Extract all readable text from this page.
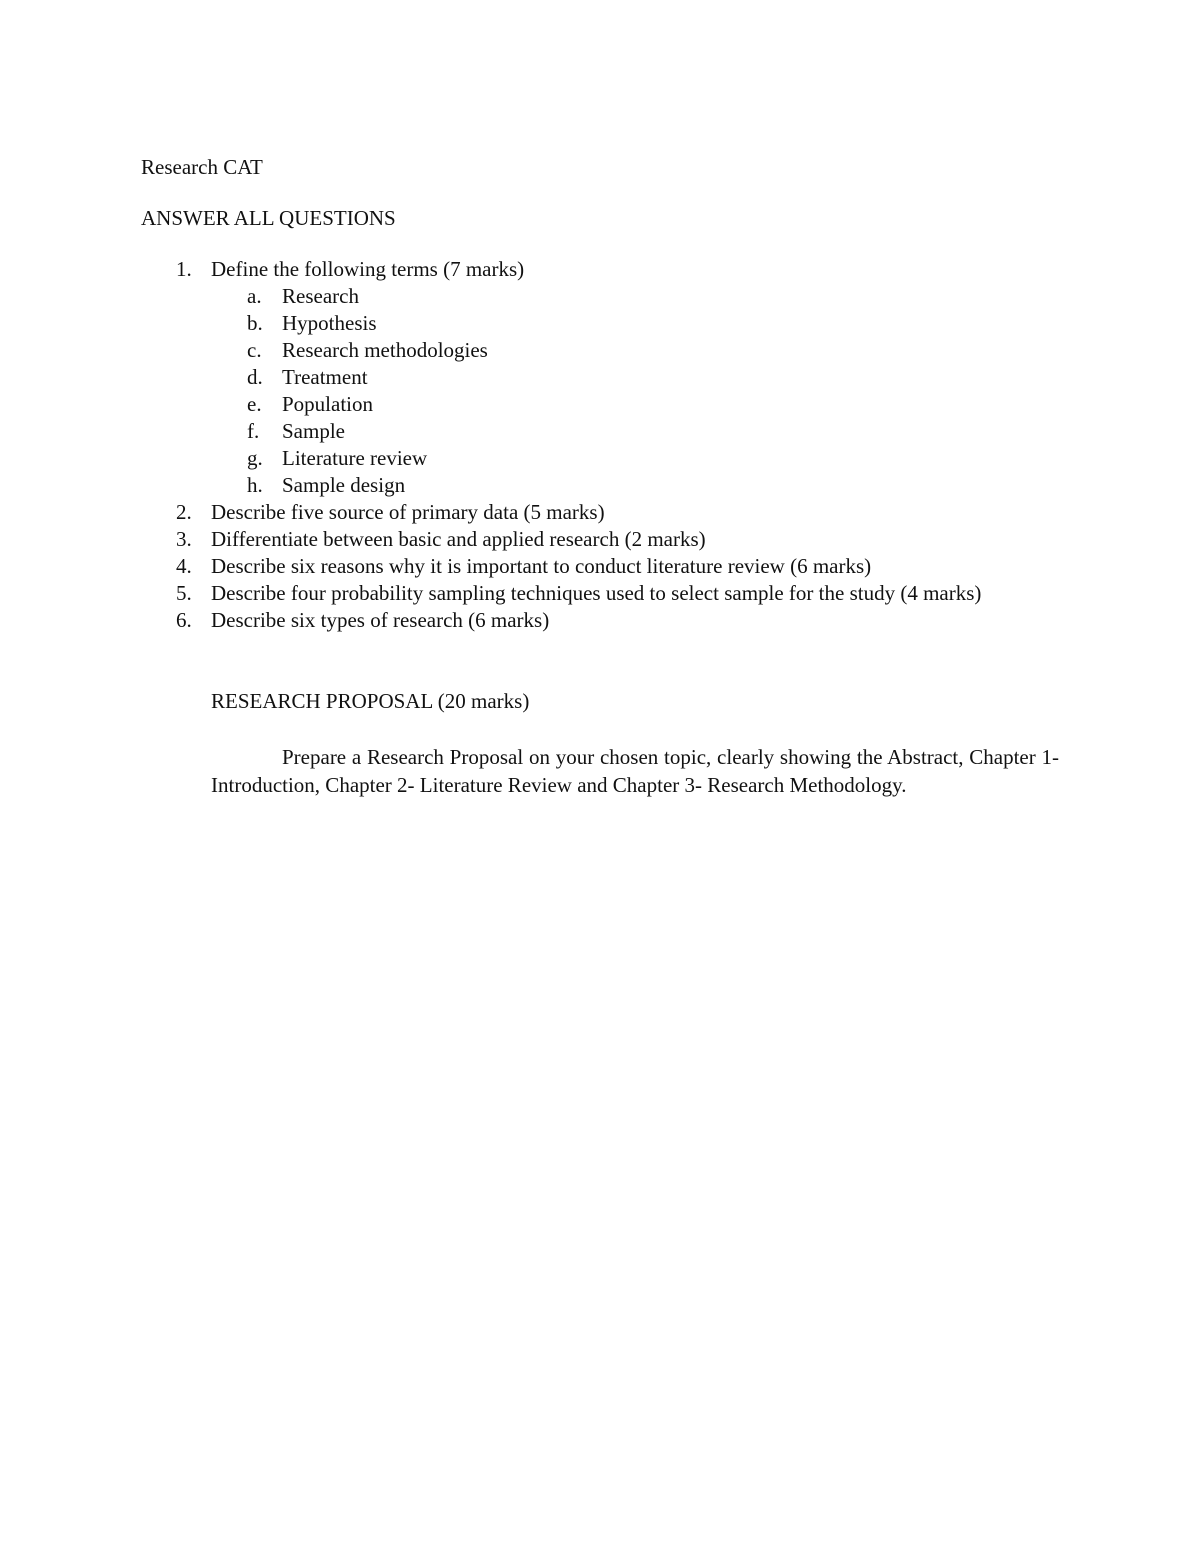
Research CAT
ANSWER ALL QUESTIONS
1. Define the following terms (7 marks)
a. Research
b. Hypothesis
c. Research methodologies
d. Treatment
e. Population
f. Sample
g. Literature review
h. Sample design
2. Describe five source of primary data (5 marks)
3. Differentiate between basic and applied research (2 marks)
4. Describe six reasons why it is important to conduct literature review (6 marks)
5. Describe four probability sampling techniques used to select sample for the study (4 marks)
6. Describe six types of research (6 marks)
RESEARCH PROPOSAL (20 marks)
Prepare a Research Proposal on your chosen topic, clearly showing the Abstract, Chapter 1- Introduction, Chapter 2- Literature Review and Chapter 3- Research Methodology.
